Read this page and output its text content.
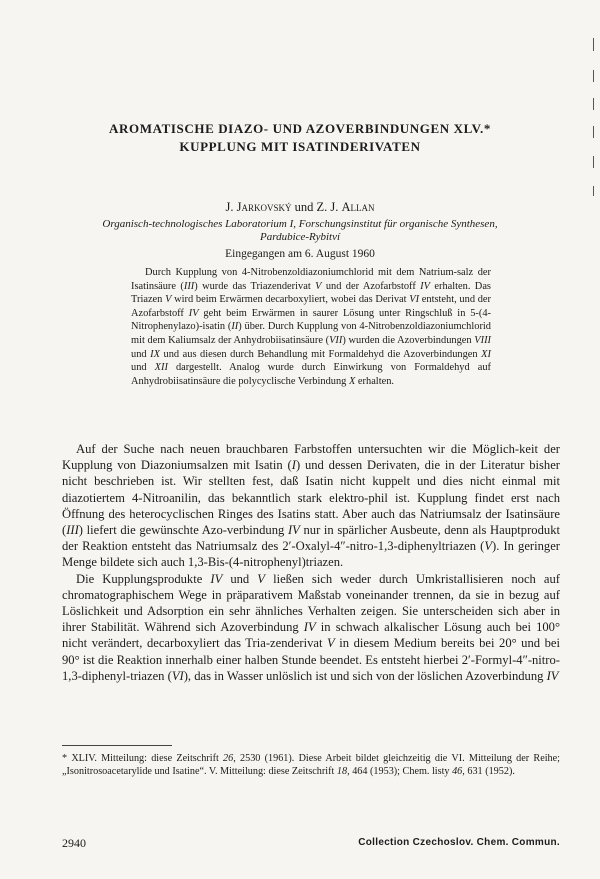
AROMATISCHE DIAZO- UND AZOVERBINDUNGEN XLV.*
KUPPLUNG MIT ISATINDERIVATEN
J. Jarkovský und Z. J. Allan
Organisch-technologisches Laboratorium I, Forschungsinstitut für organische Synthesen,
Pardubice-Rybitví
Eingegangen am 6. August 1960
Durch Kupplung von 4-Nitrobenzoldiazoniumchlorid mit dem Natrium-salz der Isatinsäure (III) wurde das Triazenderivat V und der Azofarbstoff IV erhalten. Das Triazen V wird beim Erwärmen decarboxyliert, wobei das Derivat VI entsteht, und der Azofarbstoff IV geht beim Erwärmen in saurer Lösung unter Ringschluß in 5-(4-Nitrophenylazo)-isatin (II) über. Durch Kupplung von 4-Nitrobenzoldiazoniumchlorid mit dem Kaliumsalz der Anhydrobiisatinsäure (VII) wurden die Azoverbindungen VIII und IX und aus diesen durch Behandlung mit Formaldehyd die Azoverbindungen XI und XII dargestellt. Analog wurde durch Einwirkung von Formaldehyd auf Anhydrobiisatinsäure die polycyclische Verbindung X erhalten.

Auf der Suche nach neuen brauchbaren Farbstoffen untersuchten wir die Möglich-keit der Kupplung von Diazoniumsalzen mit Isatin (I) und dessen Derivaten, die in der Literatur bisher nicht beschrieben ist. Wir stellten fest, daß Isatin nicht kuppelt und dies nicht einmal mit diazotiertem 4-Nitroanilin, das bekanntlich stark elektro-phil ist. Kupplung findet erst nach Öffnung des heterocyclischen Ringes des Isatins statt. Aber auch das Natriumsalz der Isatinsäure (III) liefert die gewünschte Azo-verbindung IV nur in spärlicher Ausbeute, denn als Hauptprodukt der Reaktion entsteht das Natriumsalz des 2′-Oxalyl-4″-nitro-1,3-diphenyltriazen (V). In geringer Menge bildete sich auch 1,3-Bis-(4-nitrophenyl)triazen.

Die Kupplungsprodukte IV und V ließen sich weder durch Umkristallisieren noch auf chromatographischem Wege in präparativem Maßstab voneinander trennen, da sie in bezug auf Löslichkeit und Adsorption ein sehr ähnliches Verhalten zeigen. Sie unterscheiden sich aber in ihrer Stabilität. Während sich Azoverbindung IV in schwach alkalischer Lösung auch bei 100° nicht verändert, decarboxyliert das Tria-zenderivat V in diesem Medium bereits bei 20° und bei 90° ist die Reaktion innerhalb einer halben Stunde beendet. Es entsteht hierbei 2′-Formyl-4″-nitro-1,3-diphenyl-triazen (VI), das in Wasser unlöslich ist und sich von der löslichen Azoverbindung IV

* XLIV. Mitteilung: diese Zeitschrift 26, 2530 (1961). Diese Arbeit bildet gleichzeitig die VI. Mitteilung der Reihe; „Isonitrosoacetarylide und Isatine“. V. Mitteilung: diese Zeitschrift 18, 464 (1953); Chem. listy 46, 631 (1952).
2940	Collection Czechoslov. Chem. Commun.
